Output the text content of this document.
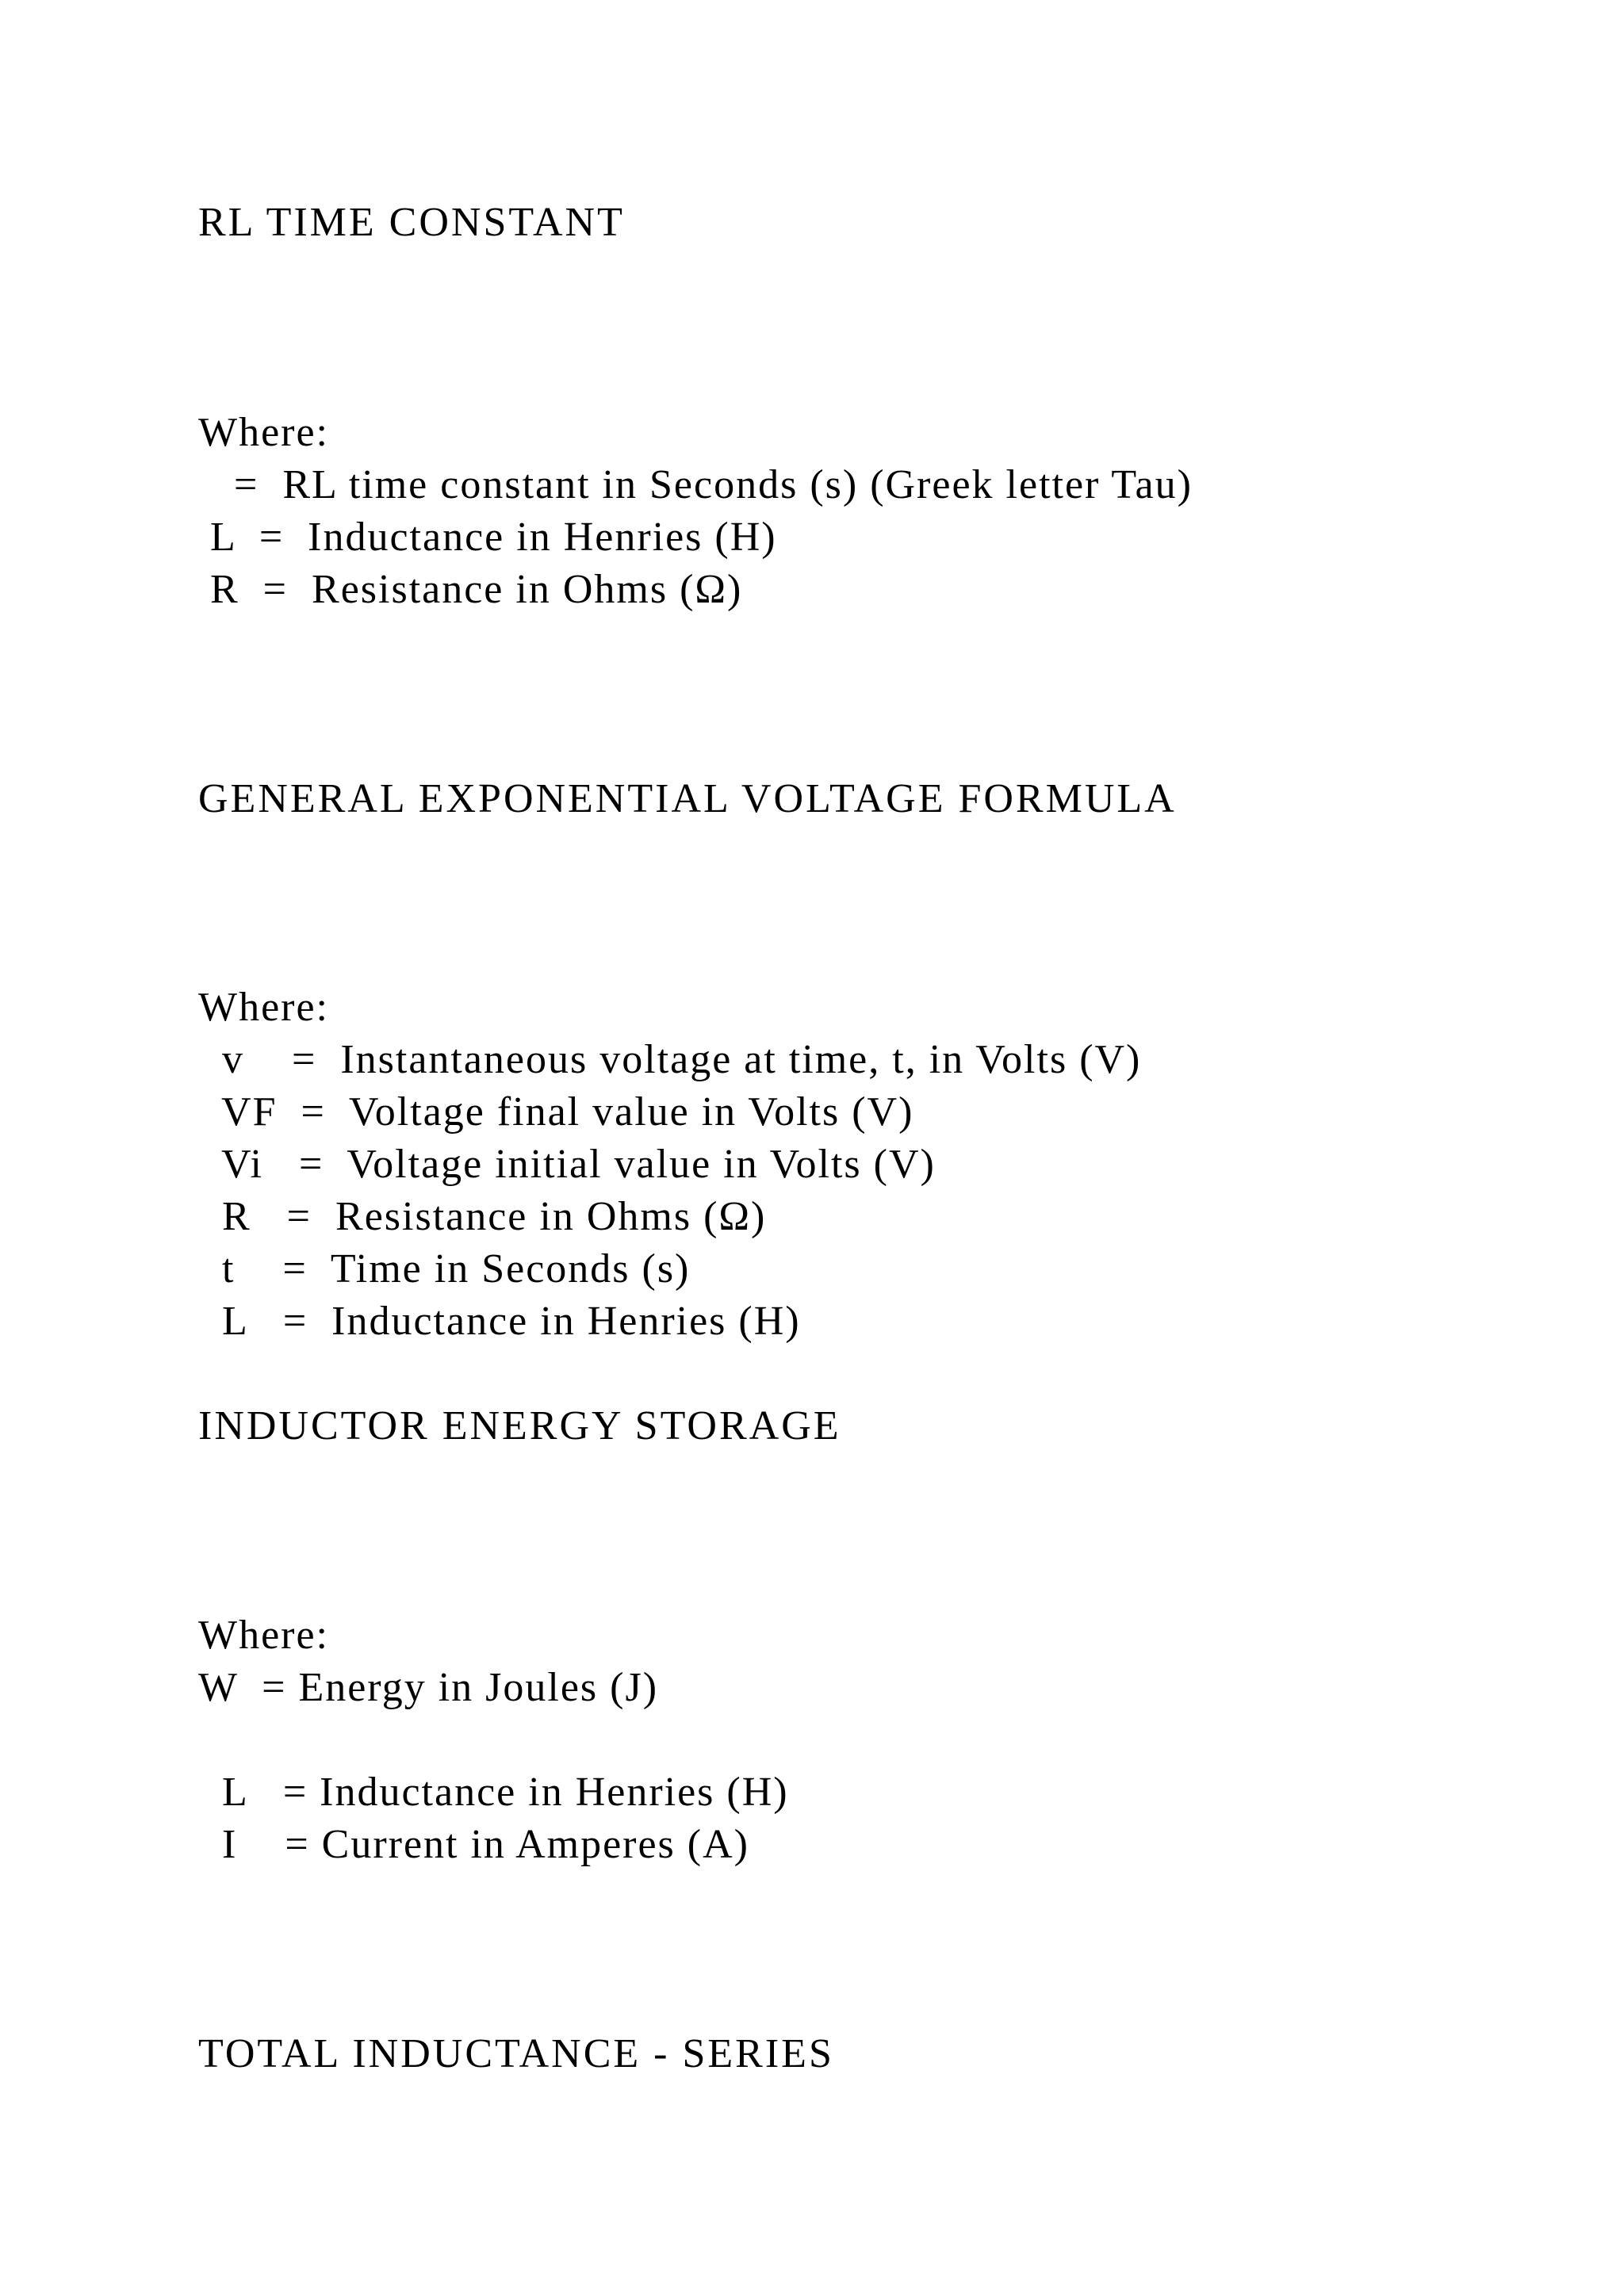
RL TIME CONSTANT
Where:
=  RL time constant in Seconds (s) (Greek letter Tau)
L  =  Inductance in Henries (H)
R  =  Resistance in Ohms (Ω)
GENERAL EXPONENTIAL VOLTAGE FORMULA
Where:
v    =  Instantaneous voltage at time, t, in Volts (V)
VF  =  Voltage final value in Volts (V)
Vi   =  Voltage initial value in Volts (V)
R   =  Resistance in Ohms (Ω)
t    =  Time in Seconds (s)
L   =  Inductance in Henries (H)
INDUCTOR ENERGY STORAGE
Where:
W  = Energy in Joules (J)
L   = Inductance in Henries (H)
I    = Current in Amperes (A)
TOTAL INDUCTANCE - SERIES
